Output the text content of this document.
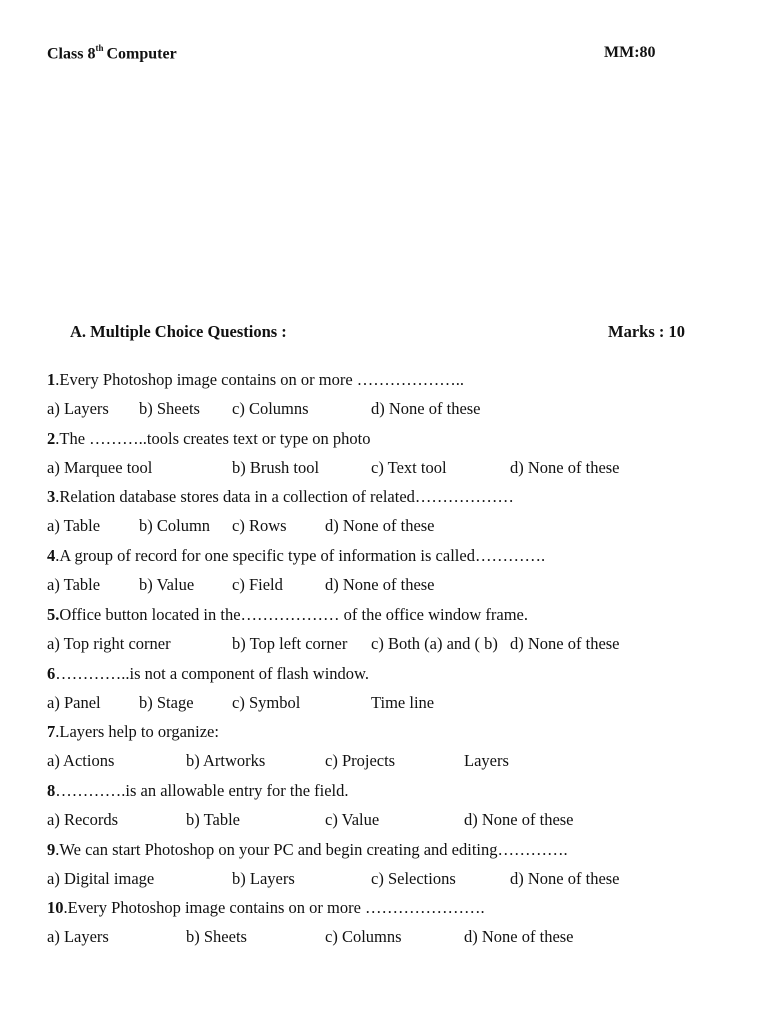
Class 8th Computer	MM:80
A. Multiple Choice Questions :	Marks : 10
1.Every Photoshop image contains on or more ………………..
a) Layers b) Sheets c) Columns	d) None of these
2.The ………..tools creates text or type on photo
a) Marquee tool	b) Brush tool	c) Text tool	d) None of these
3.Relation database stores data in a collection of related………………
a) Table b) Column c) Rows d) None of these
4.A group of record for one specific type of information is called………….
a) Table b) Value c) Field	d) None of these
5.Office button located in the……………… of the office window frame.
a) Top right corner	b) Top left corner c) Both (a) and ( b) d) None of these
6…………..is not a component of flash window.
a) Panel b) Stage c) Symbol	Time line
7.Layers help to organize:
a) Actions	b) Artworks	c) Projects	Layers
8………….is an allowable entry for the field.
a) Records	b) Table	c) Value	d) None of these
9.We can start Photoshop on your PC and begin creating and editing………….
a) Digital image	b) Layers	c) Selections	d) None of these
10.Every Photoshop image contains on or more ………………….
a) Layers	b) Sheets	c) Columns	d) None of these
